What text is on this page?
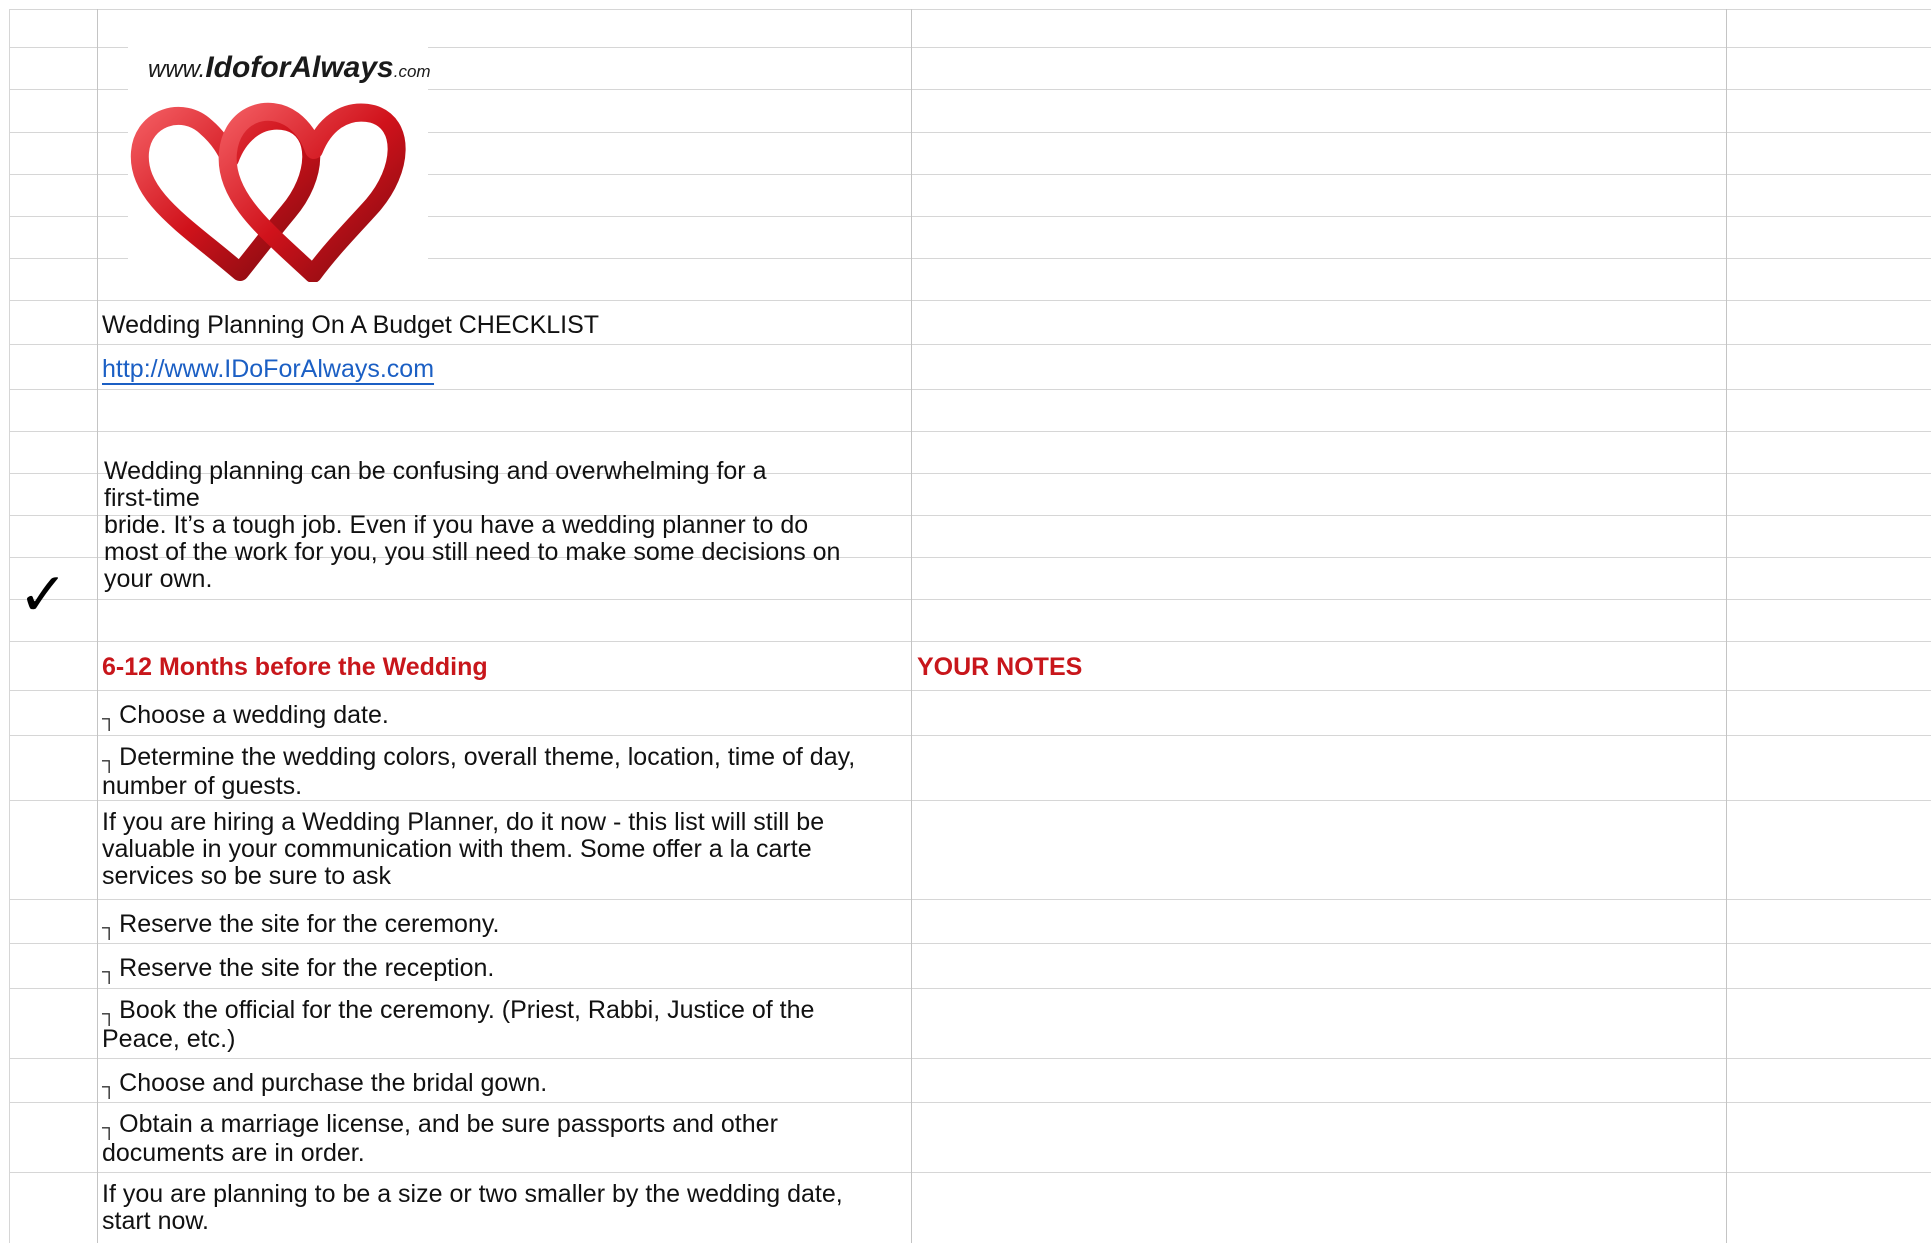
www.IdoforAlways.com
✓
Wedding Planning On A Budget CHECKLIST
http://www.IDoForAlways.com
Wedding planning can be confusing and overwhelming for a
first-time
bride. It’s a tough job. Even if you have a wedding planner to do
most of the work for you, you still need to make some decisions on
your own.
6-12 Months before the Wedding	YOUR NOTES
┐ Choose a wedding date.
┐ Determine the wedding colors, overall theme, location, time of day,
number of guests.
If you are hiring a Wedding Planner, do it now - this list will still be
valuable in your communication with them. Some offer a la carte
services so be sure to ask
┐ Reserve the site for the ceremony.
┐ Reserve the site for the reception.
┐ Book the official for the ceremony. (Priest, Rabbi, Justice of the
Peace, etc.)
┐ Choose and purchase the bridal gown.
┐ Obtain a marriage license, and be sure passports and other
documents are in order.
If you are planning to be a size or two smaller by the wedding date,
start now.
